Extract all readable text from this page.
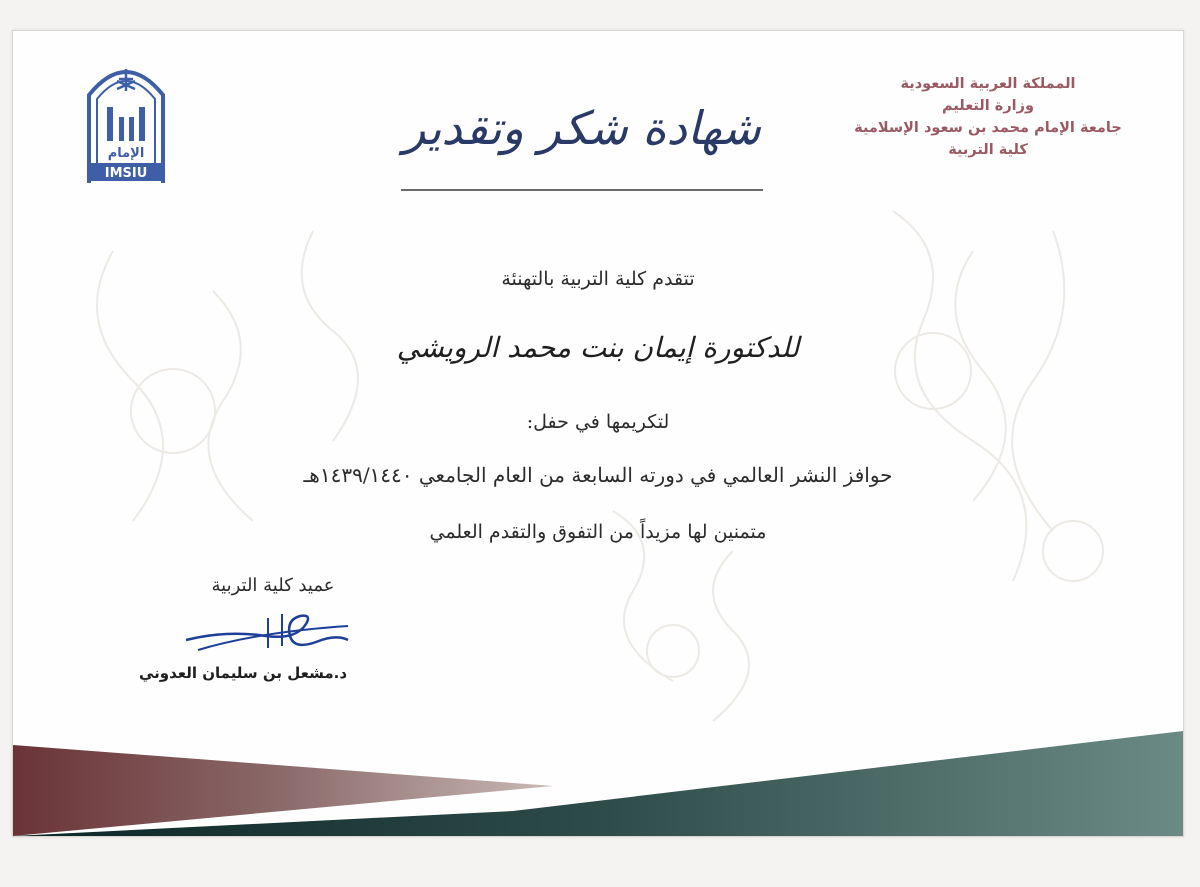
المملكة العربية السعودية
وزارة التعليم
جامعة الإمام محمد بن سعود الإسلامية
كلية التربية
الإمام
IMSIU
شهادة شكر وتقدير
تتقدم كلية التربية بالتهنئة
للدكتورة إيمان بنت محمد الرويشي
لتكريمها في حفل:
حوافز النشر العالمي في دورته السابعة من العام الجامعي ١٤٣٩/١٤٤٠هـ
متمنين لها مزيداً من التفوق والتقدم العلمي
عميد كلية التربية
د.مشعل بن سليمان العدوني
